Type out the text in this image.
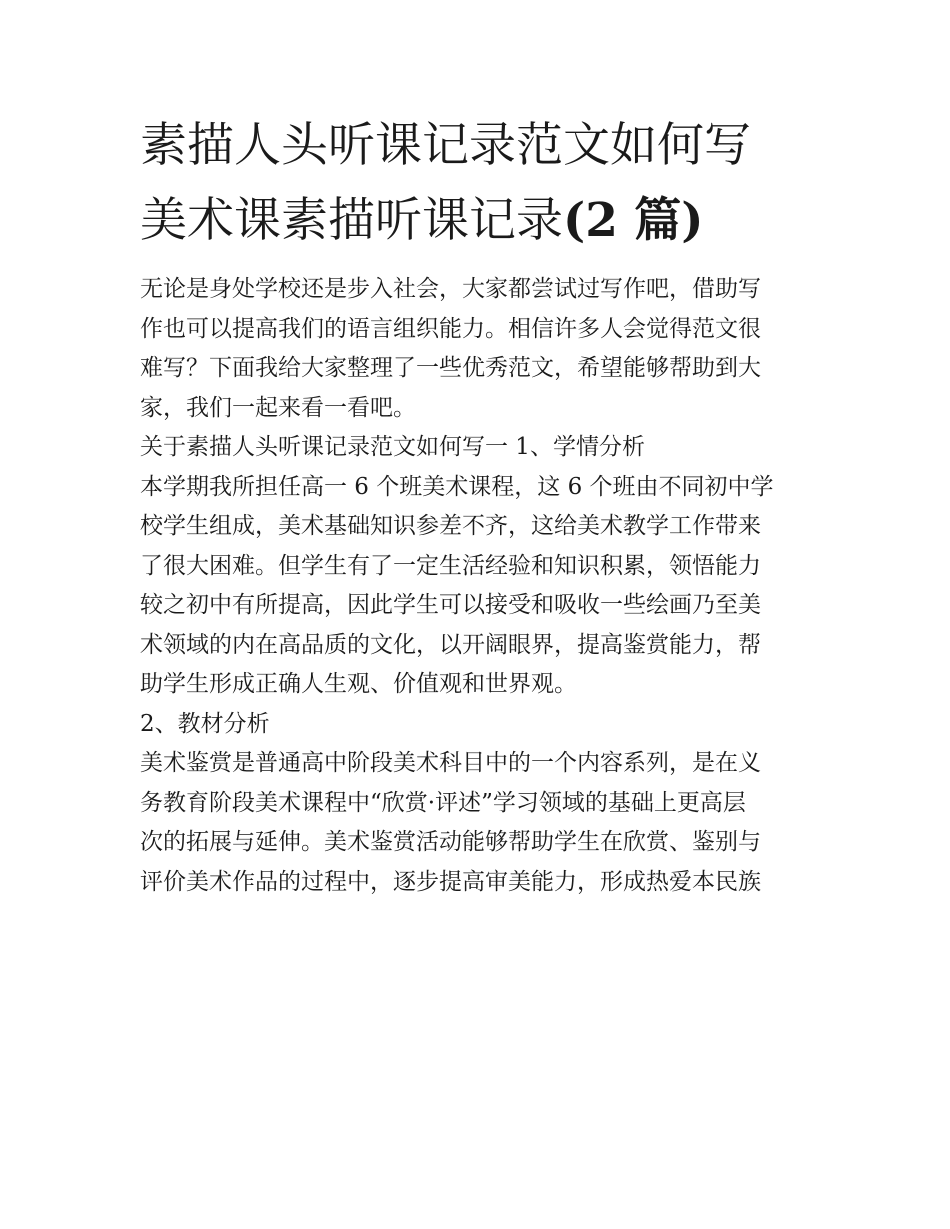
素描人头听课记录范文如何写
美术课素描听课记录(2 篇)

无论是身处学校还是步入社会，大家都尝试过写作吧，借助写
作也可以提高我们的语言组织能力。相信许多人会觉得范文很
难写？下面我给大家整理了一些优秀范文，希望能够帮助到大
家，我们一起来看一看吧。

关于素描人头听课记录范文如何写一 1、学情分析

本学期我所担任高一 6 个班美术课程，这 6 个班由不同初中学
校学生组成，美术基础知识参差不齐，这给美术教学工作带来
了很大困难。但学生有了一定生活经验和知识积累，领悟能力
较之初中有所提高，因此学生可以接受和吸收一些绘画乃至美
术领域的内在高品质的文化，以开阔眼界，提高鉴赏能力，帮
助学生形成正确人生观、价值观和世界观。

2、教材分析

美术鉴赏是普通高中阶段美术科目中的一个内容系列，是在义
务教育阶段美术课程中“欣赏·评述”学习领域的基础上更高层
次的拓展与延伸。美术鉴赏活动能够帮助学生在欣赏、鉴别与
评价美术作品的过程中，逐步提高审美能力，形成热爱本民族
